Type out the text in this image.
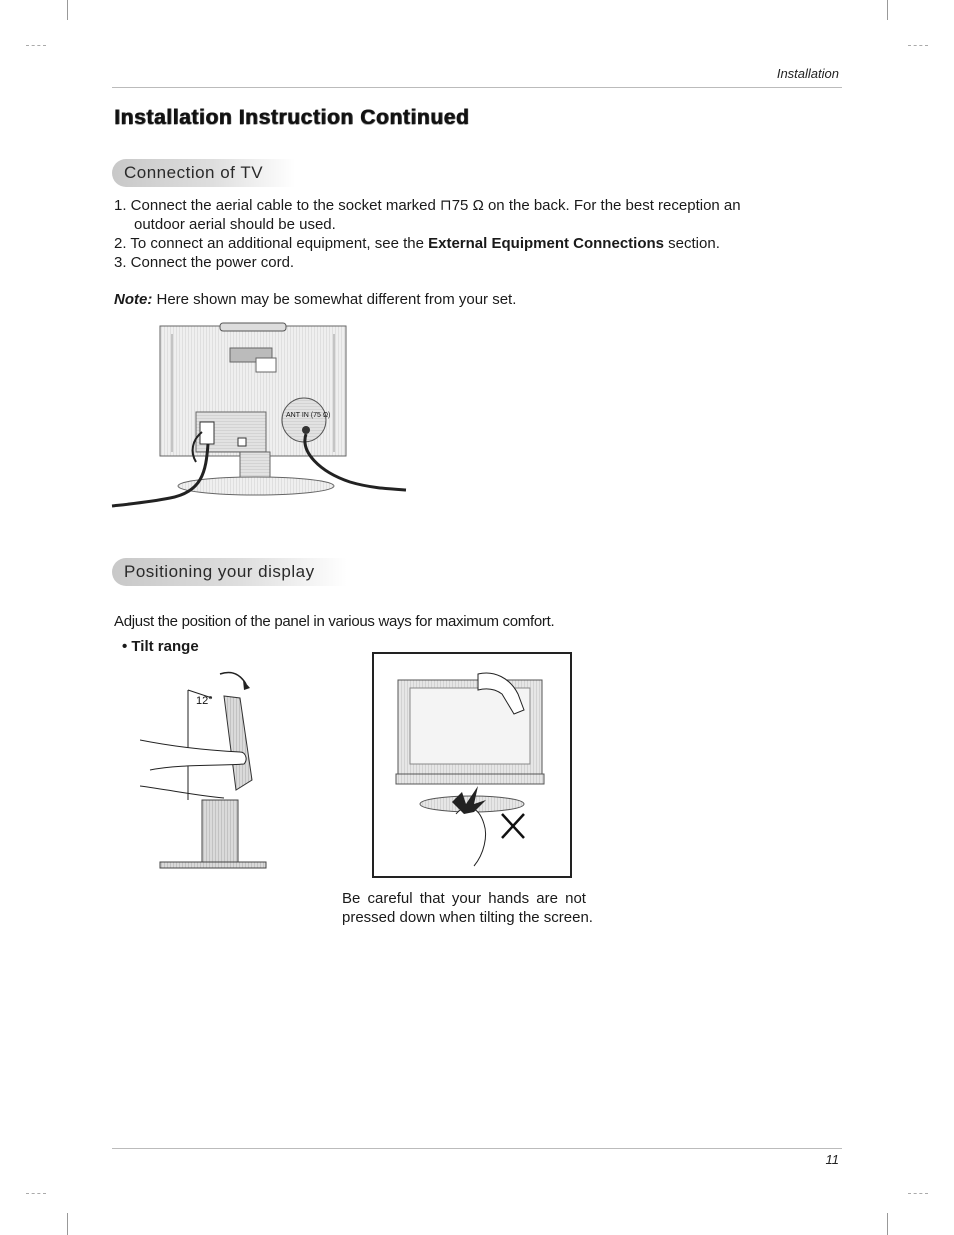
Installation
Installation Instruction Continued
Connection of TV
1. Connect the aerial cable to the socket marked ⊓75 Ω on the back. For the best reception an
outdoor aerial should be used.
2. To connect an additional equipment, see the External Equipment Connections section.
3. Connect the power cord.
Note: Here shown may be somewhat different from your set.
ANT IN (75 Ω)
Positioning your display
Adjust the position of the panel in various ways for maximum comfort.
• Tilt range
12°
Be careful that your hands are not
pressed down when tilting the screen.
11
